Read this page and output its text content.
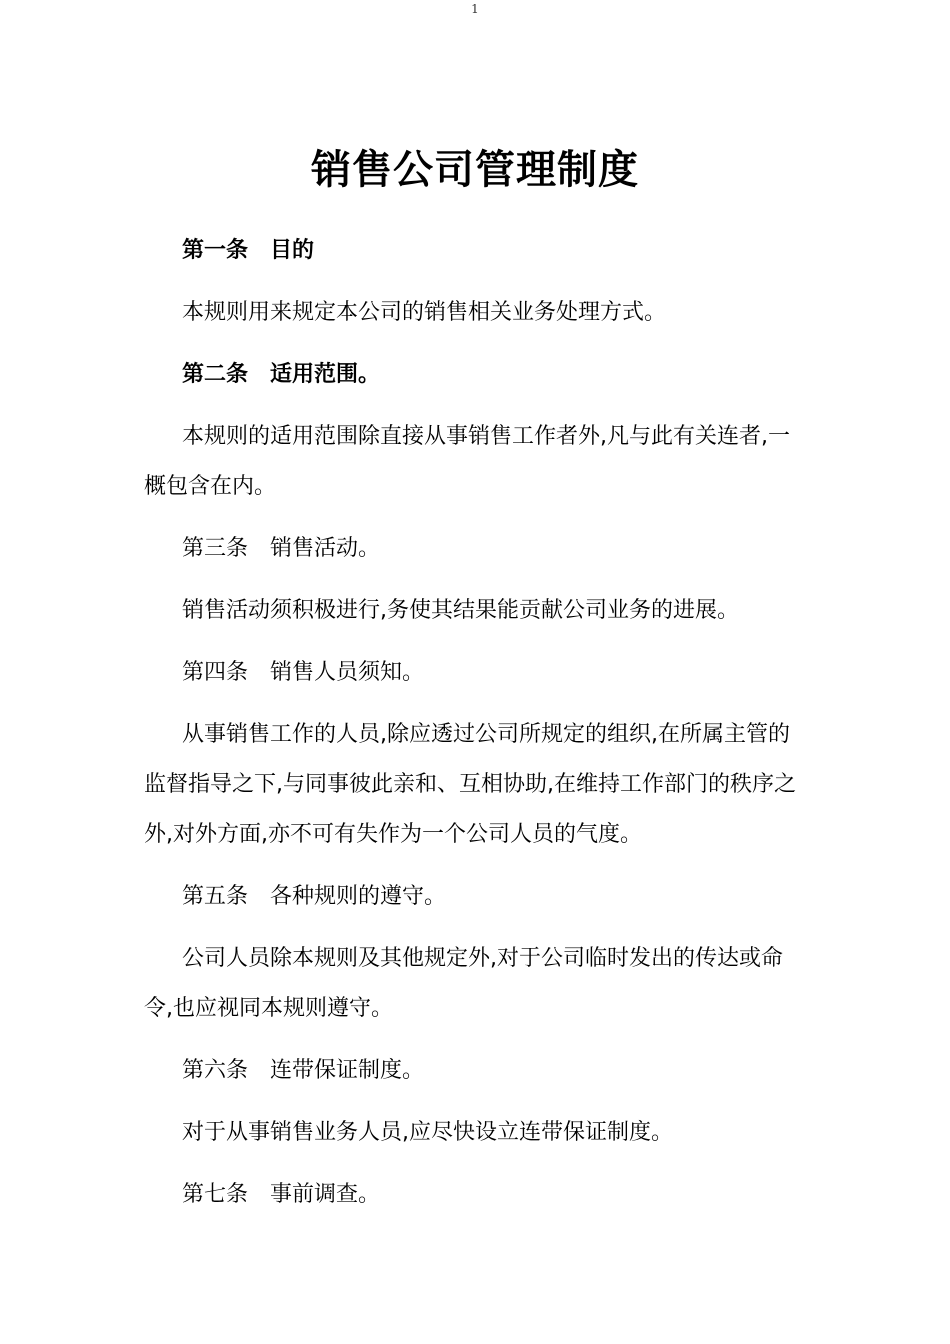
1
销售公司管理制度

第一条　目的

本规则用来规定本公司的销售相关业务处理方式。

第二条　适用范围。

本规则的适用范围除直接从事销售工作者外,凡与此有关连者,一概包含在内。

第三条　销售活动。

销售活动须积极进行,务使其结果能贡献公司业务的进展。

第四条　销售人员须知。

从事销售工作的人员,除应透过公司所规定的组织,在所属主管的监督指导之下,与同事彼此亲和、互相协助,在维持工作部门的秩序之外,对外方面,亦不可有失作为一个公司人员的气度。

第五条　各种规则的遵守。

公司人员除本规则及其他规定外,对于公司临时发出的传达或命令,也应视同本规则遵守。

第六条　连带保证制度。

对于从事销售业务人员,应尽快设立连带保证制度。

第七条　事前调查。
